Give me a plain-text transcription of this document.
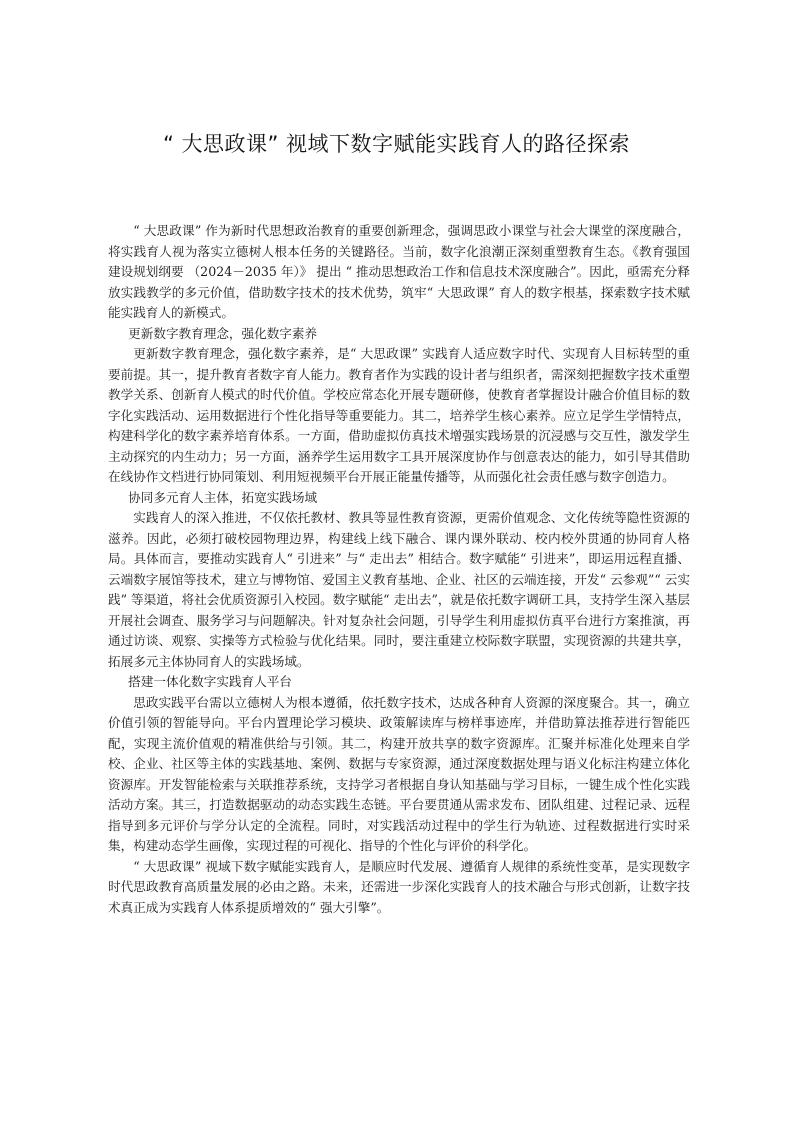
“ 大思政课” 视域下数字赋能实践育人的路径探索

“ 大思政课” 作为新时代思想政治教育的重要创新理念，强调思政小课堂与社会大课堂的深度融合，将实践育人视为落实立德树人根本任务的关键路径。当前，数字化浪潮正深刻重塑教育生态。《教育强国建设规划纲要 （2024－2035 年）》 提出 “ 推动思想政治工作和信息技术深度融合”。因此，亟需充分释放实践教学的多元价值，借助数字技术的技术优势，筑牢“ 大思政课” 育人的数字根基，探索数字技术赋能实践育人的新模式。

更新数字教育理念，强化数字素养

更新数字教育理念，强化数字素养，是“ 大思政课” 实践育人适应数字时代、实现育人目标转型的重要前提。其一，提升教育者数字育人能力。教育者作为实践的设计者与组织者，需深刻把握数字技术重塑教学关系、创新育人模式的时代价值。学校应常态化开展专题研修，使教育者掌握设计融合价值目标的数字化实践活动、运用数据进行个性化指导等重要能力。其二，培养学生核心素养。应立足学生学情特点，构建科学化的数字素养培育体系。一方面，借助虚拟仿真技术增强实践场景的沉浸感与交互性，激发学生主动探究的内生动力；另一方面，涵养学生运用数字工具开展深度协作与创意表达的能力，如引导其借助在线协作文档进行协同策划、利用短视频平台开展正能量传播等，从而强化社会责任感与数字创造力。

协同多元育人主体，拓宽实践场域

实践育人的深入推进，不仅依托教材、教具等显性教育资源，更需价值观念、文化传统等隐性资源的滋养。因此，必须打破校园物理边界，构建线上线下融合、课内课外联动、校内校外贯通的协同育人格局。具体而言，要推动实践育人“ 引进来” 与“ 走出去” 相结合。数字赋能“ 引进来”，即运用远程直播、云端数字展馆等技术，建立与博物馆、爱国主义教育基地、企业、社区的云端连接，开发“ 云参观”“ 云实践” 等渠道，将社会优质资源引入校园。数字赋能“ 走出去”，就是依托数字调研工具，支持学生深入基层开展社会调查、服务学习与问题解决。针对复杂社会问题，引导学生利用虚拟仿真平台进行方案推演，再通过访谈、观察、实操等方式检验与优化结果。同时，要注重建立校际数字联盟，实现资源的共建共享，拓展多元主体协同育人的实践场域。

搭建一体化数字实践育人平台

思政实践平台需以立德树人为根本遵循，依托数字技术，达成各种育人资源的深度聚合。其一，确立价值引领的智能导向。平台内置理论学习模块、政策解读库与榜样事迹库，并借助算法推荐进行智能匹配，实现主流价值观的精准供给与引领。其二，构建开放共享的数字资源库。汇聚并标准化处理来自学校、企业、社区等主体的实践基地、案例、数据与专家资源，通过深度数据处理与语义化标注构建立体化资源库。开发智能检索与关联推荐系统，支持学习者根据自身认知基础与学习目标，一键生成个性化实践活动方案。其三，打造数据驱动的动态实践生态链。平台要贯通从需求发布、团队组建、过程记录、远程指导到多元评价与学分认定的全流程。同时，对实践活动过程中的学生行为轨迹、过程数据进行实时采集，构建动态学生画像，实现过程的可视化、指导的个性化与评价的科学化。

“ 大思政课” 视域下数字赋能实践育人，是顺应时代发展、遵循育人规律的系统性变革，是实现数字时代思政教育高质量发展的必由之路。未来，还需进一步深化实践育人的技术融合与形式创新，让数字技术真正成为实践育人体系提质增效的“ 强大引擎”。
